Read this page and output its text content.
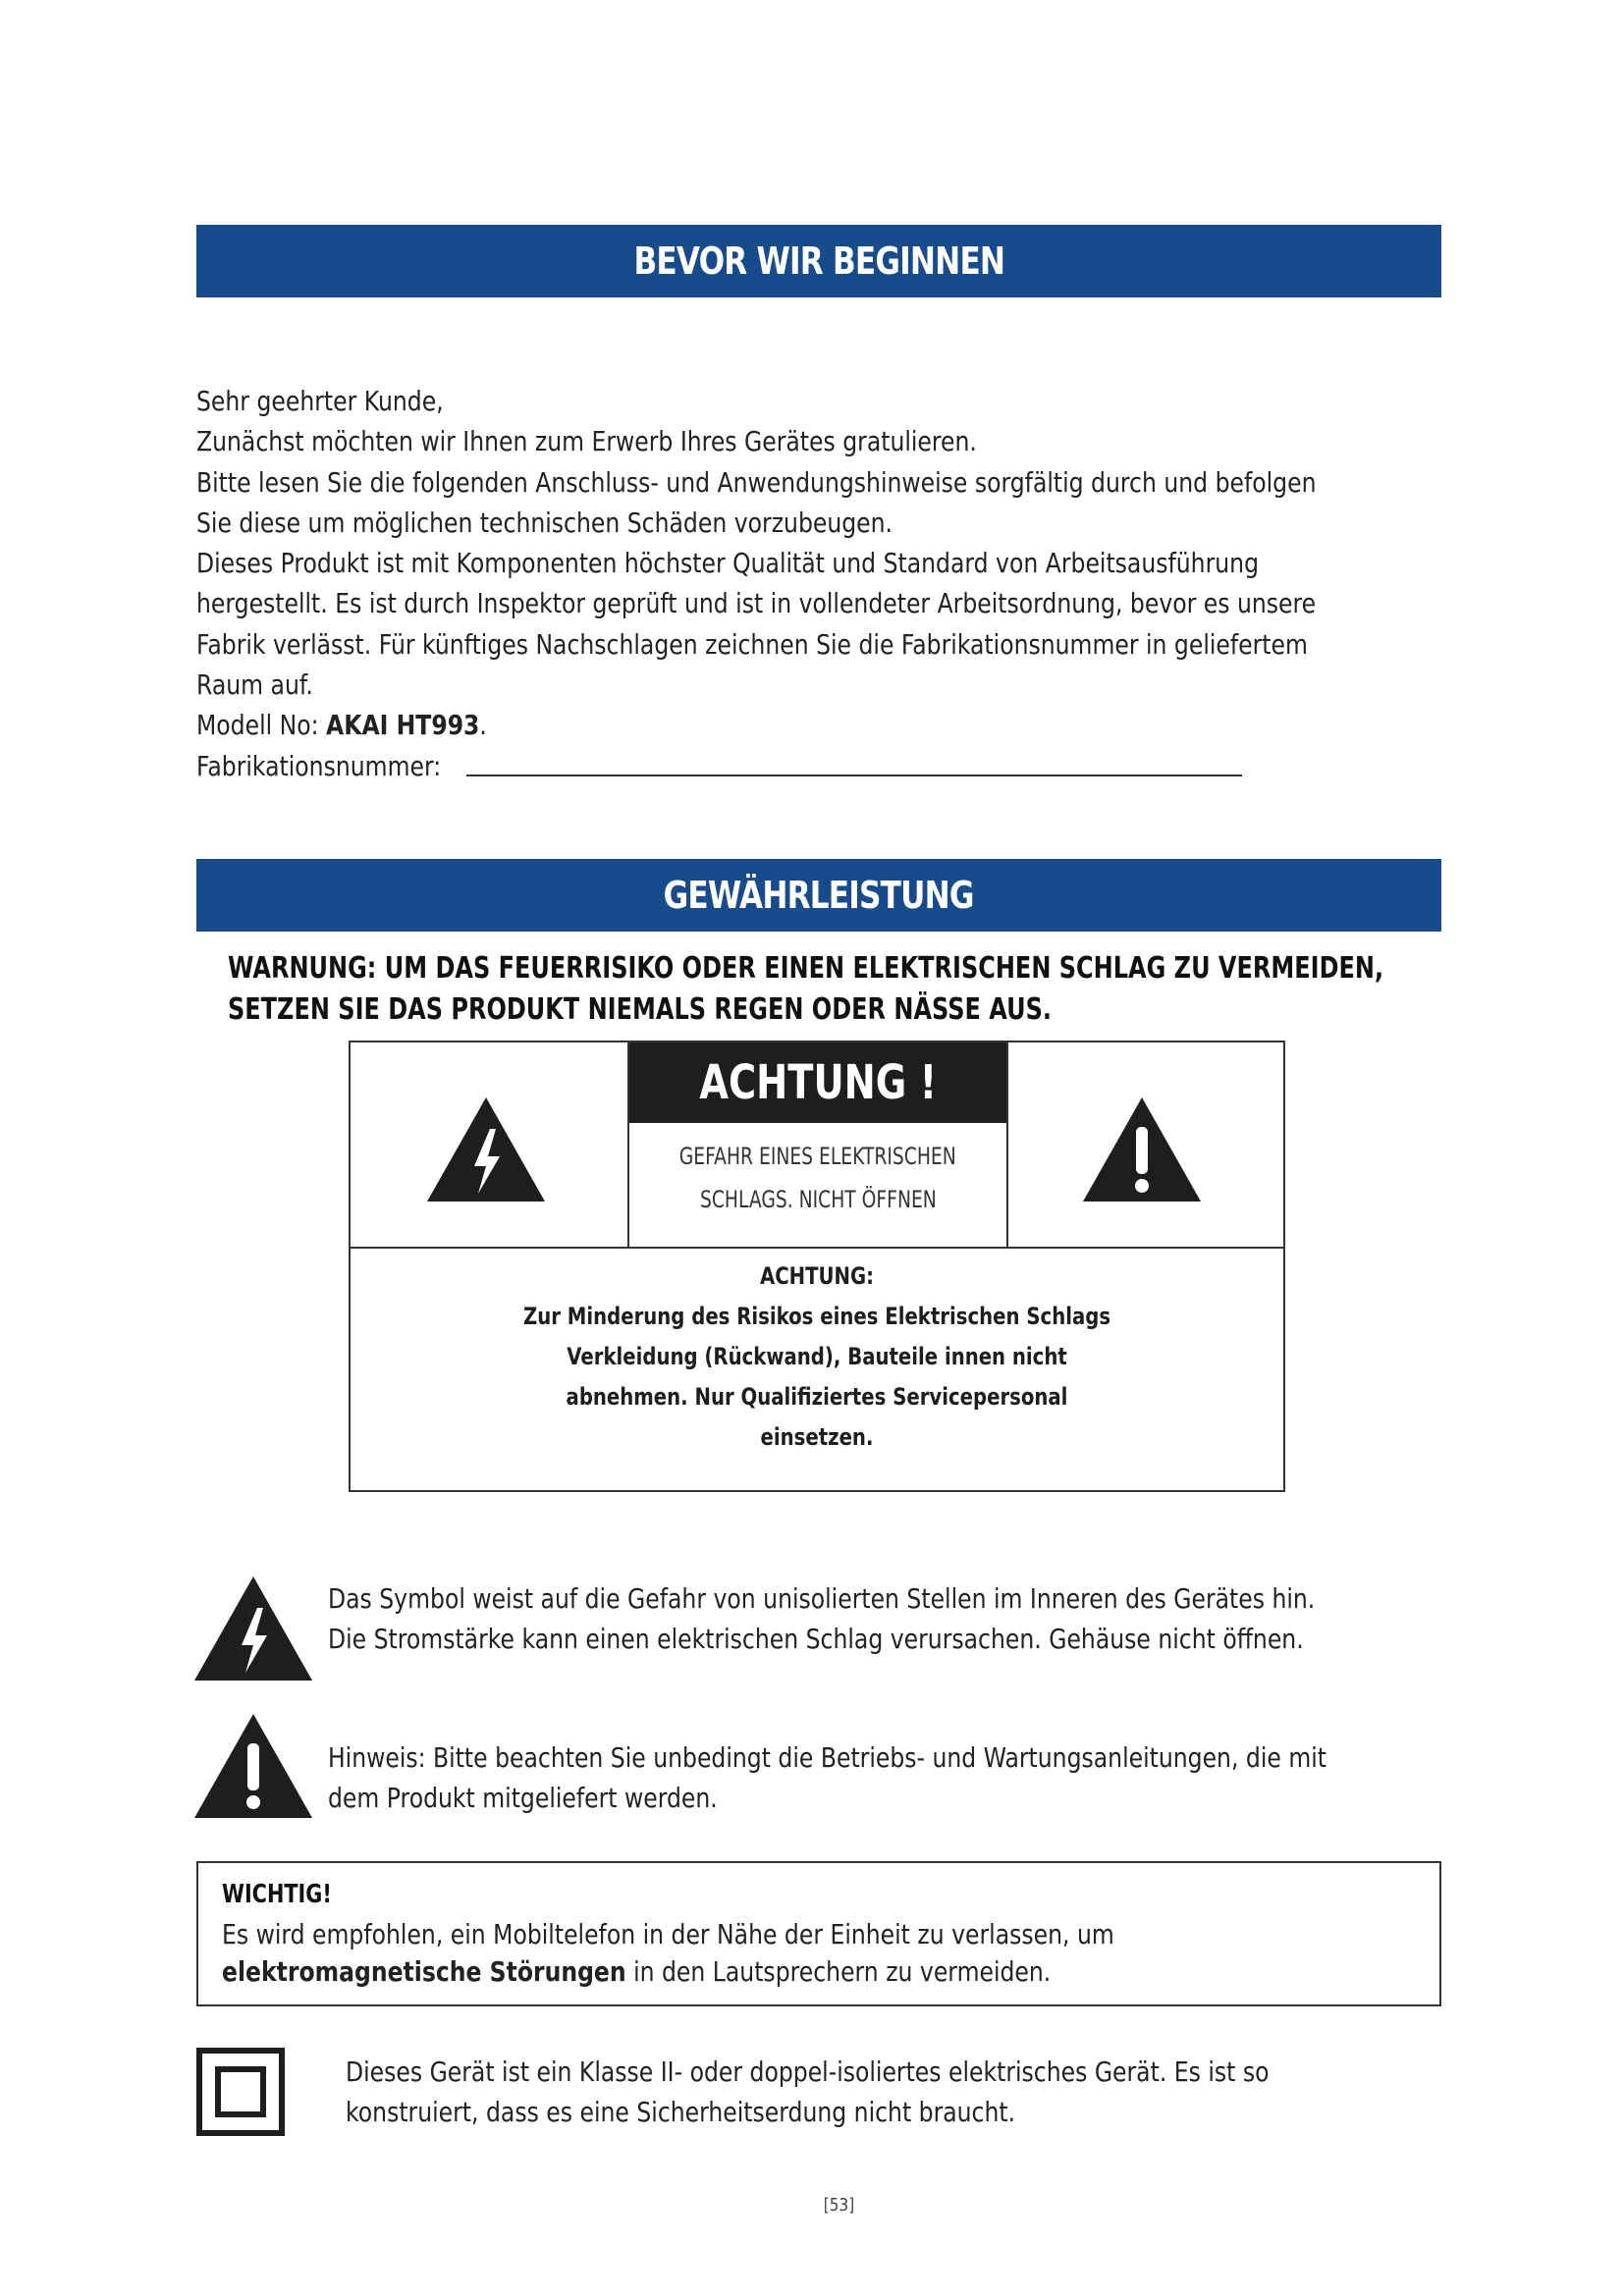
BEVOR WIR BEGINNEN
Sehr geehrter Kunde,
Zunächst möchten wir Ihnen zum Erwerb Ihres Gerätes gratulieren.
Bitte lesen Sie die folgenden Anschluss- und Anwendungshinweise sorgfältig durch und befolgen
Sie diese um möglichen technischen Schäden vorzubeugen.
Dieses Produkt ist mit Komponenten höchster Qualität und Standard von Arbeitsausführung
hergestellt. Es ist durch Inspektor geprüft und ist in vollendeter Arbeitsordnung, bevor es unsere
Fabrik verlässt. Für künftiges Nachschlagen zeichnen Sie die Fabrikationsnummer in geliefertem
Raum auf.
Modell No: AKAI HT993.
Fabrikationsnummer:
GEWÄHRLEISTUNG
WARNUNG: UM DAS FEUERRISIKO ODER EINEN ELEKTRISCHEN SCHLAG ZU VERMEIDEN,
SETZEN SIE DAS PRODUKT NIEMALS REGEN ODER NÄSSE AUS.
ACHTUNG !
GEFAHR EINES ELEKTRISCHEN
SCHLAGS. NICHT ÖFFNEN
ACHTUNG:
Zur Minderung des Risikos eines Elektrischen Schlags
Verkleidung (Rückwand), Bauteile innen nicht
abnehmen. Nur Qualifiziertes Servicepersonal
einsetzen.
Das Symbol weist auf die Gefahr von unisolierten Stellen im Inneren des Gerätes hin.
Die Stromstärke kann einen elektrischen Schlag verursachen. Gehäuse nicht öffnen.
Hinweis: Bitte beachten Sie unbedingt die Betriebs- und Wartungsanleitungen, die mit
dem Produkt mitgeliefert werden.
WICHTIG!
Es wird empfohlen, ein Mobiltelefon in der Nähe der Einheit zu verlassen, um
elektromagnetische Störungen in den Lautsprechern zu vermeiden.
Dieses Gerät ist ein Klasse II- oder doppel-isoliertes elektrisches Gerät. Es ist so
konstruiert, dass es eine Sicherheitserdung nicht braucht.
[53]
